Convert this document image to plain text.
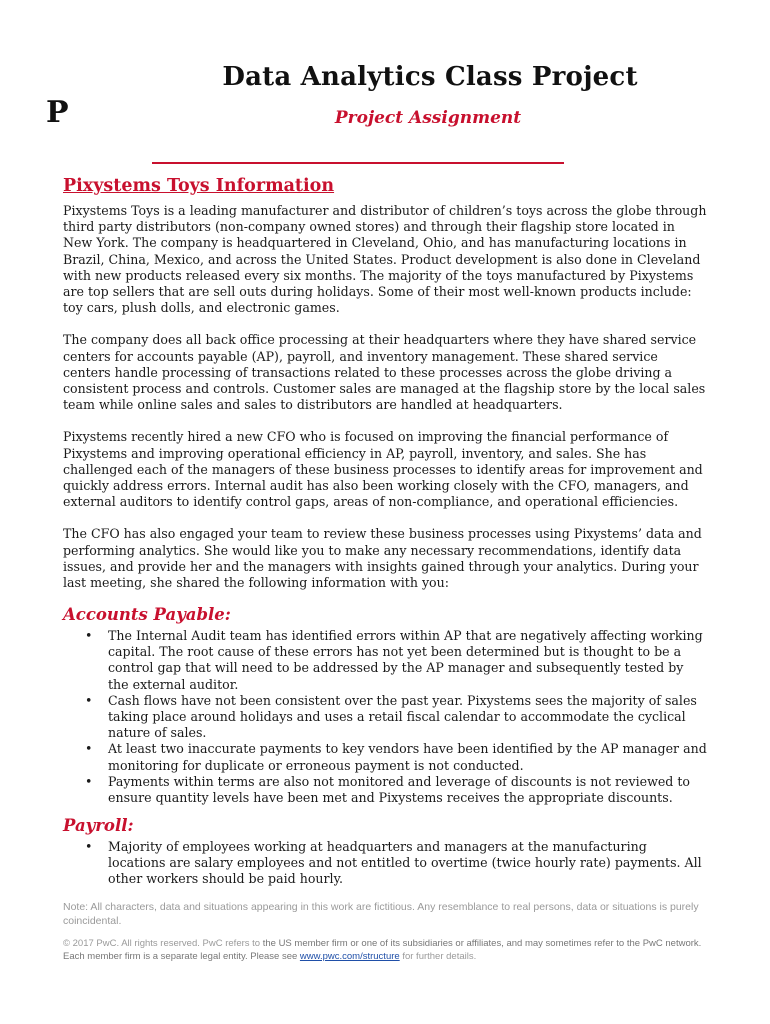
P
Data Analytics Class Project
Project Assignment
Pixystems Toys Information

Pixystems Toys is a leading manufacturer and distributor of children’s toys across the globe through third party distributors (non-company owned stores) and through their flagship store located in New York. The company is headquartered in Cleveland, Ohio, and has manufacturing locations in Brazil, China, Mexico, and across the United States. Product development is also done in Cleveland with new products released every six months. The majority of the toys manufactured by Pixystems are top sellers that are sell outs during holidays. Some of their most well-known products include: toy cars, plush dolls, and electronic games.

The company does all back office processing at their headquarters where they have shared service centers for accounts payable (AP), payroll, and inventory management. These shared service centers handle processing of transactions related to these processes across the globe driving a consistent process and controls. Customer sales are managed at the flagship store by the local sales team while online sales and sales to distributors are handled at headquarters.

Pixystems recently hired a new CFO who is focused on improving the financial performance of Pixystems and improving operational efficiency in AP, payroll, inventory, and sales. She has challenged each of the managers of these business processes to identify areas for improvement and quickly address errors. Internal audit has also been working closely with the CFO, managers, and external auditors to identify control gaps, areas of non-compliance, and operational efficiencies.

The CFO has also engaged your team to review these business processes using Pixystems’ data and performing analytics. She would like you to make any necessary recommendations, identify data issues, and provide her and the managers with insights gained through your analytics. During your last meeting, she shared the following information with you:

Accounts Payable:
• The Internal Audit team has identified errors within AP that are negatively affecting working capital. The root cause of these errors has not yet been determined but is thought to be a control gap that will need to be addressed by the AP manager and subsequently tested by the external auditor.
• Cash flows have not been consistent over the past year. Pixystems sees the majority of sales taking place around holidays and uses a retail fiscal calendar to accommodate the cyclical nature of sales.
• At least two inaccurate payments to key vendors have been identified by the AP manager and monitoring for duplicate or erroneous payment is not conducted.
• Payments within terms are also not monitored and leverage of discounts is not reviewed to ensure quantity levels have been met and Pixystems receives the appropriate discounts.
Payroll:
• Majority of employees working at headquarters and managers at the manufacturing locations are salary employees and not entitled to overtime (twice hourly rate) payments. All other workers should be paid hourly.
Note: All characters, data and situations appearing in this work are fictitious. Any resemblance to real persons, data or situations is purely coincidental.
© 2017 PwC. All rights reserved. PwC refers to the US member firm or one of its subsidiaries or affiliates, and may sometimes refer to the PwC network. Each member firm is a separate legal entity. Please see www.pwc.com/structure for further details.
